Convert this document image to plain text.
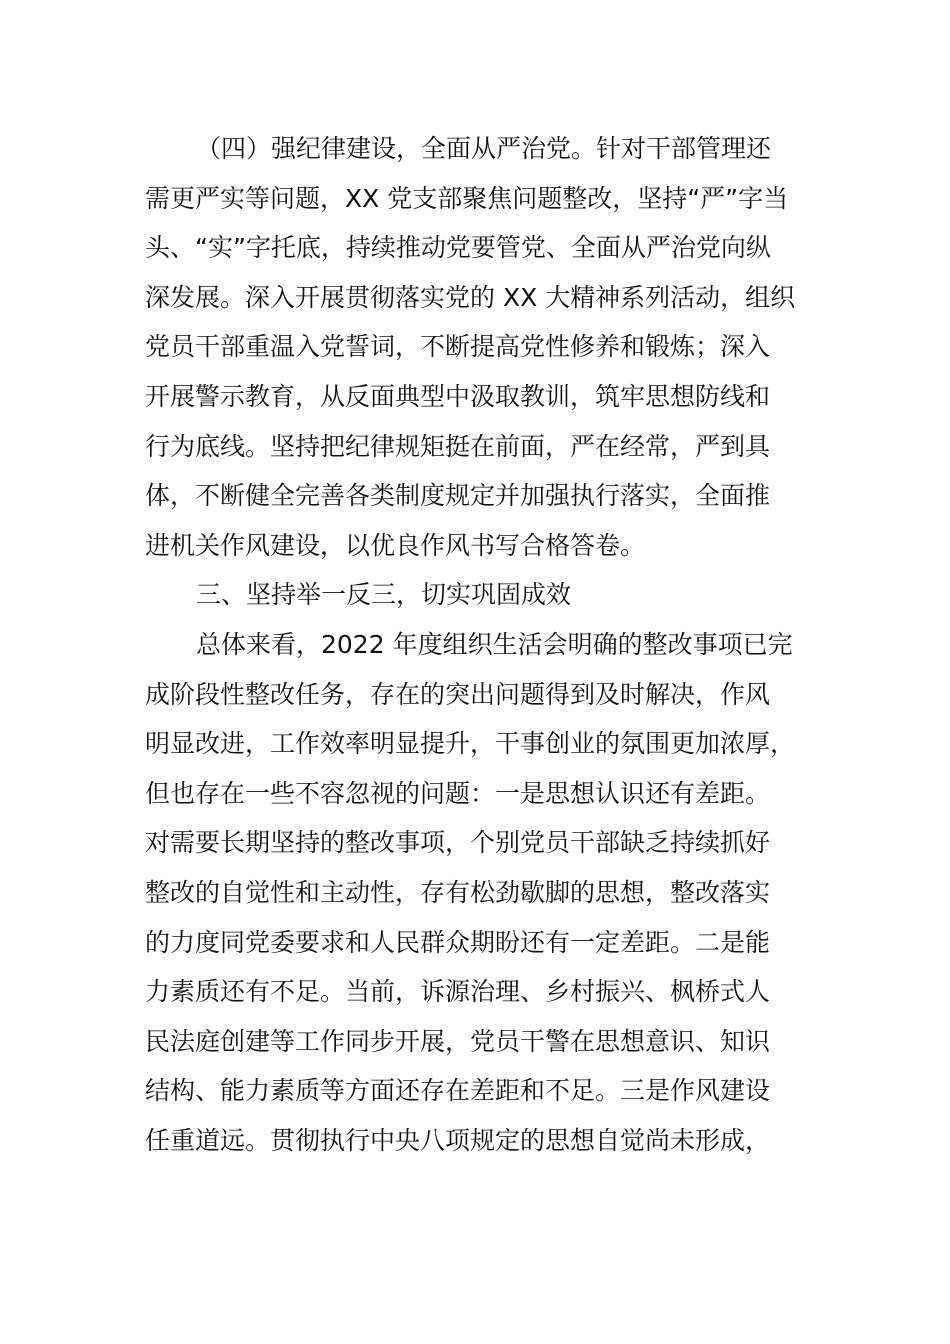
（四）强纪律建设，全面从严治党。针对干部管理还

需更严实等问题，XX 党支部聚焦问题整改，坚持“严”字当

头、“实”字托底，持续推动党要管党、全面从严治党向纵

深发展。深入开展贯彻落实党的 XX 大精神系列活动，组织

党员干部重温入党誓词，不断提高党性修养和锻炼；深入

开展警示教育，从反面典型中汲取教训，筑牢思想防线和

行为底线。坚持把纪律规矩挺在前面，严在经常，严到具

体，不断健全完善各类制度规定并加强执行落实，全面推

进机关作风建设，以优良作风书写合格答卷。

三、坚持举一反三，切实巩固成效

总体来看，2022 年度组织生活会明确的整改事项已完

成阶段性整改任务，存在的突出问题得到及时解决，作风

明显改进，工作效率明显提升，干事创业的氛围更加浓厚，

但也存在一些不容忽视的问题：一是思想认识还有差距。

对需要长期坚持的整改事项，个别党员干部缺乏持续抓好

整改的自觉性和主动性，存有松劲歇脚的思想，整改落实

的力度同党委要求和人民群众期盼还有一定差距。二是能

力素质还有不足。当前，诉源治理、乡村振兴、枫桥式人

民法庭创建等工作同步开展，党员干警在思想意识、知识

结构、能力素质等方面还存在差距和不足。三是作风建设

任重道远。贯彻执行中央八项规定的思想自觉尚未形成，
